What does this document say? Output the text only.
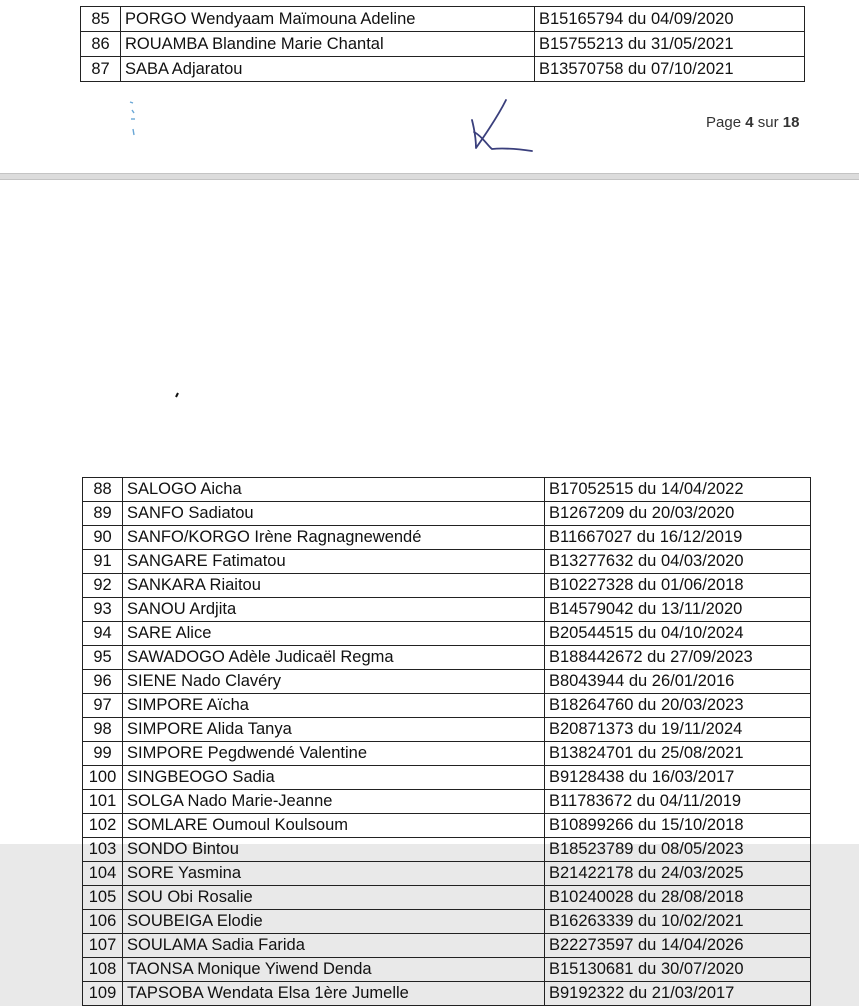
85	PORGO Wendyaam Maïmouna Adeline	B15165794 du 04/09/2020
86	ROUAMBA Blandine Marie Chantal	B15755213 du 31/05/2021
87	SABA Adjaratou	B13570758 du 07/10/2021
Page 4 sur 18
88	SALOGO Aicha	B17052515 du 14/04/2022
89	SANFO Sadiatou	B1267209 du 20/03/2020
90	SANFO/KORGO Irène Ragnagnewendé	B11667027 du 16/12/2019
91	SANGARE Fatimatou	B13277632 du 04/03/2020
92	SANKARA Riaitou	B10227328 du 01/06/2018
93	SANOU Ardjita	B14579042 du 13/11/2020
94	SARE Alice	B20544515 du 04/10/2024
95	SAWADOGO Adèle Judicaël Regma	B188442672 du 27/09/2023
96	SIENE Nado Clavéry	B8043944 du 26/01/2016
97	SIMPORE Aïcha	B18264760 du 20/03/2023
98	SIMPORE Alida Tanya	B20871373 du 19/11/2024
99	SIMPORE Pegdwendé Valentine	B13824701 du 25/08/2021
100	SINGBEOGO Sadia	B9128438 du 16/03/2017
101	SOLGA Nado Marie-Jeanne	B11783672 du 04/11/2019
102	SOMLARE Oumoul Koulsoum	B10899266 du 15/10/2018
103	SONDO Bintou	B18523789 du 08/05/2023
104	SORE Yasmina	B21422178 du 24/03/2025
105	SOU Obi Rosalie	B10240028 du 28/08/2018
106	SOUBEIGA Elodie	B16263339 du 10/02/2021
107	SOULAMA Sadia Farida	B22273597 du 14/04/2026
108	TAONSA Monique Yiwend Denda	B15130681 du 30/07/2020
109	TAPSOBA Wendata Elsa 1ère Jumelle	B9192322 du 21/03/2017
